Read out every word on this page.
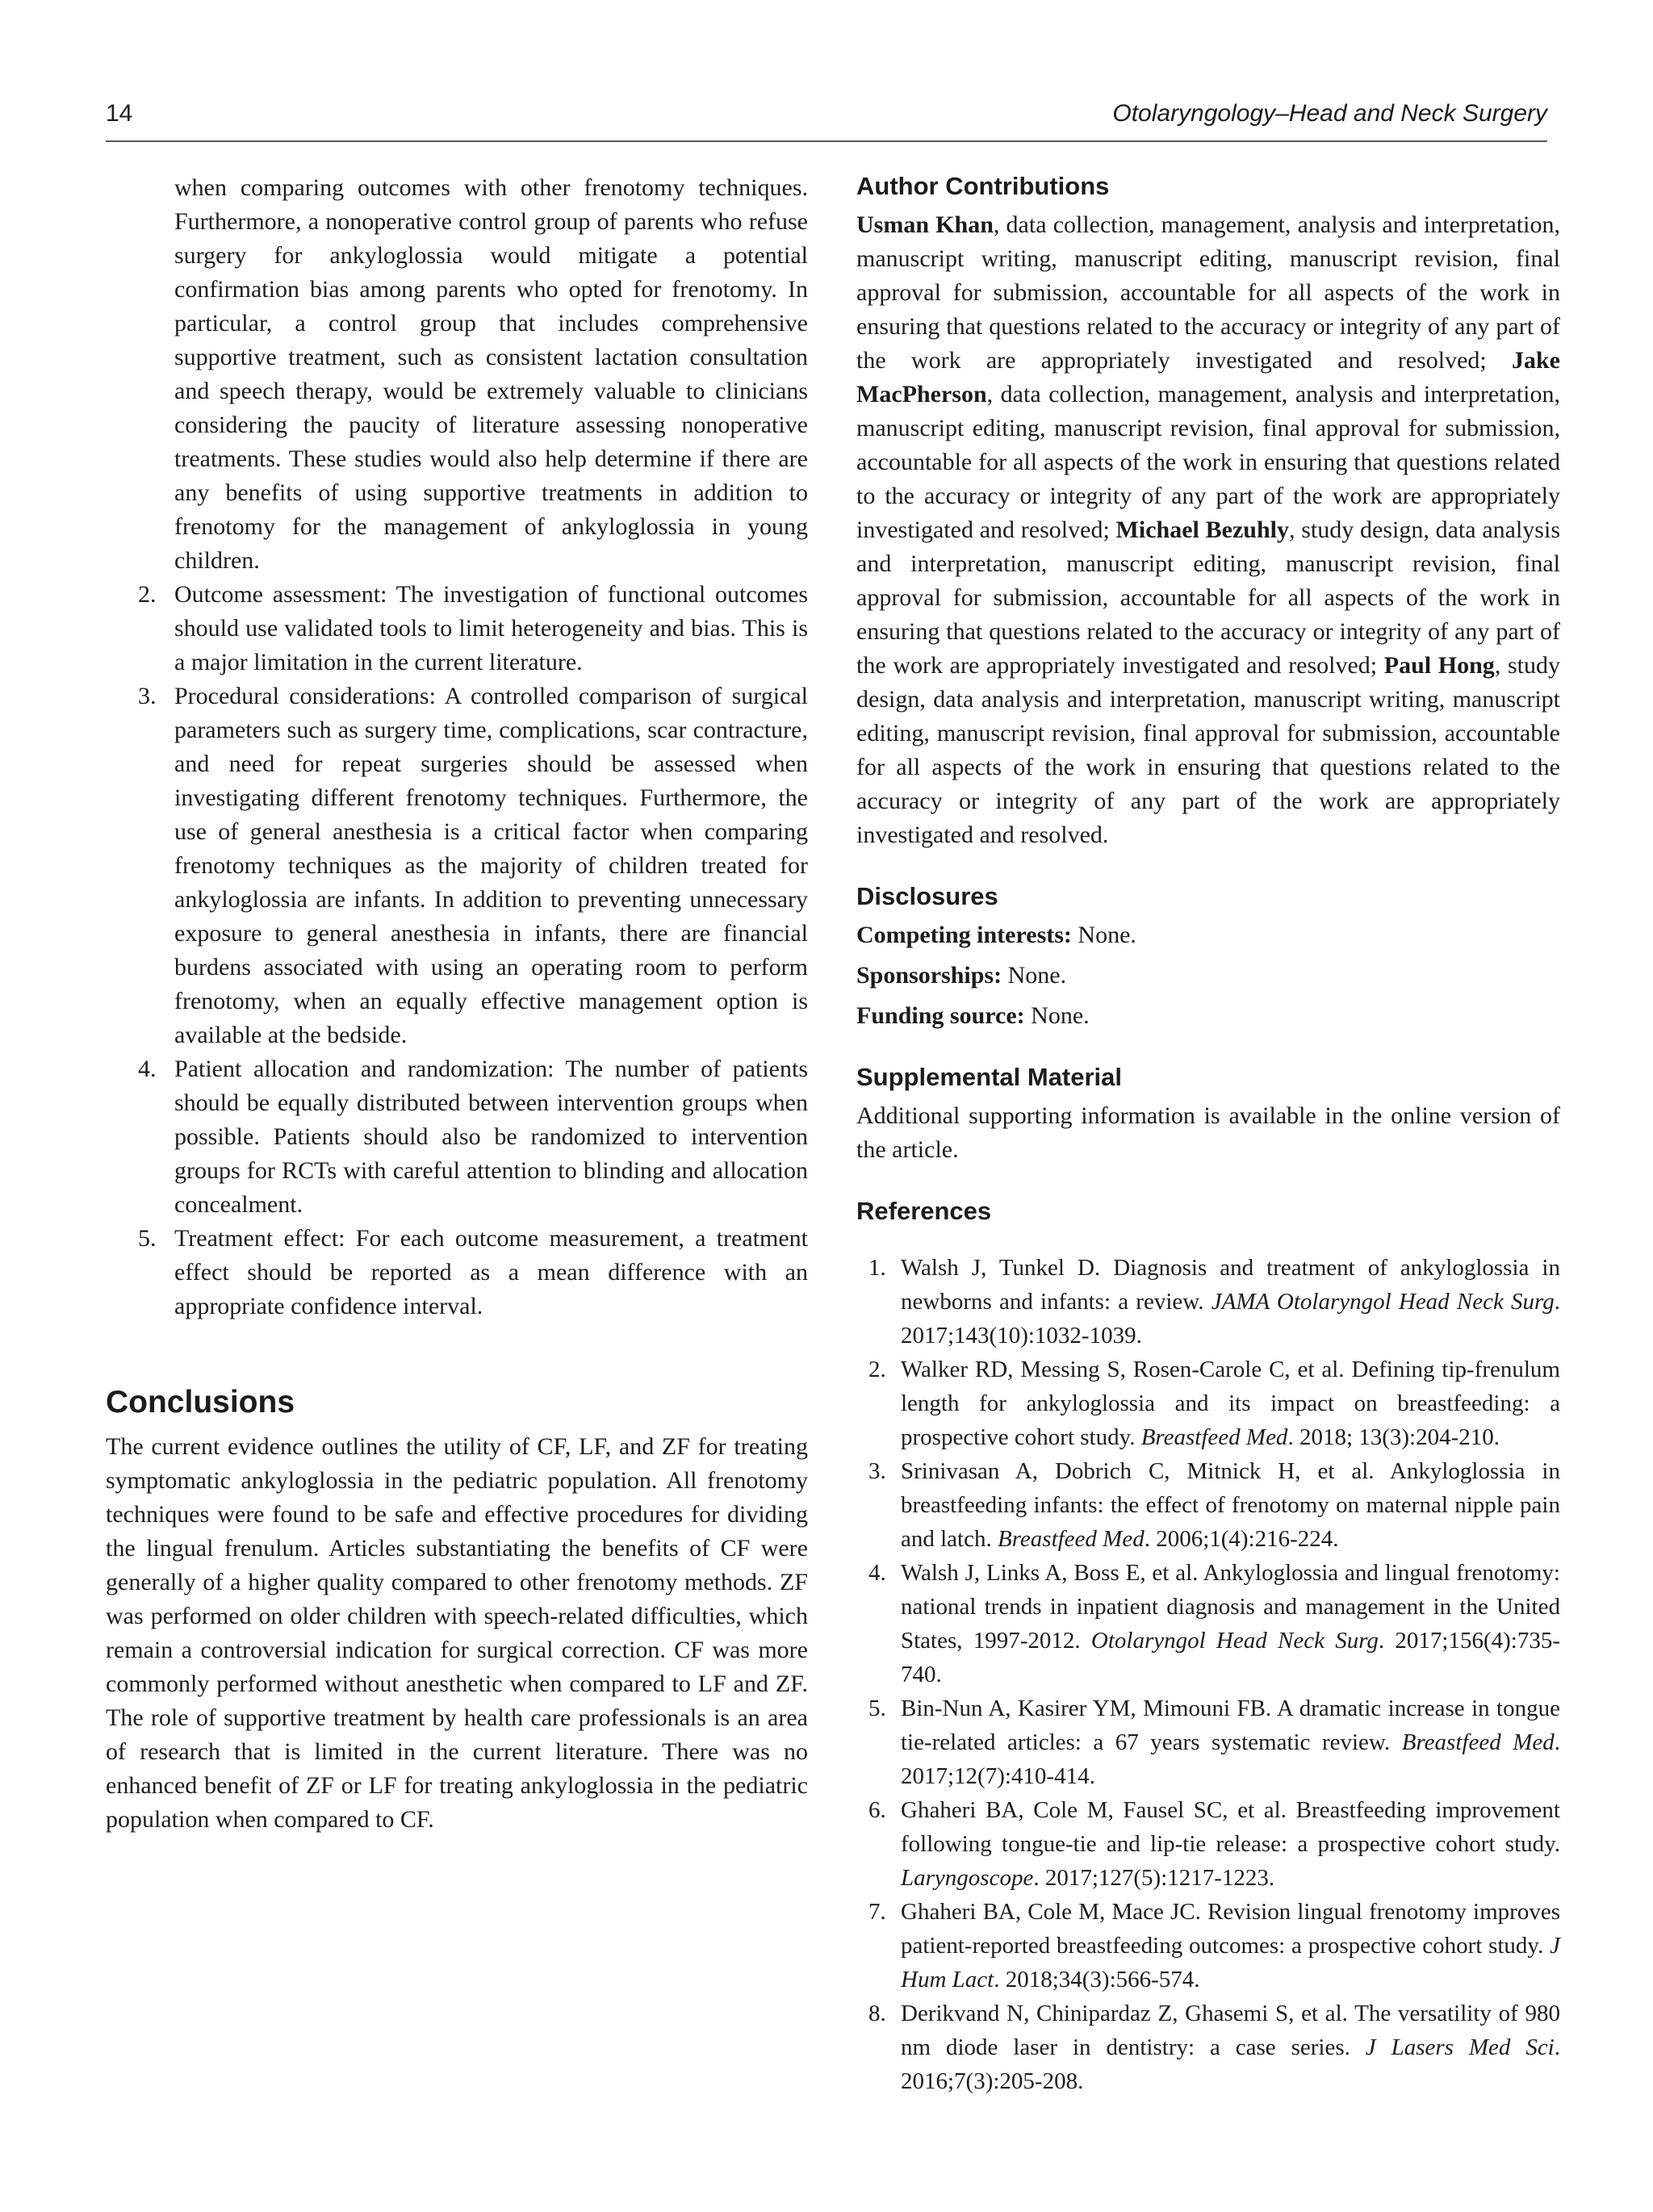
14	Otolaryngology–Head and Neck Surgery

when comparing outcomes with other frenotomy techniques. Furthermore, a nonoperative control group of parents who refuse surgery for ankyloglossia would mitigate a potential confirmation bias among parents who opted for frenotomy. In particular, a control group that includes comprehensive supportive treatment, such as consistent lactation consultation and speech therapy, would be extremely valuable to clinicians considering the paucity of literature assessing nonoperative treatments. These studies would also help determine if there are any benefits of using supportive treatments in addition to frenotomy for the management of ankyloglossia in young children.

2. Outcome assessment: The investigation of functional outcomes should use validated tools to limit heterogeneity and bias. This is a major limitation in the current literature.
3. Procedural considerations: A controlled comparison of surgical parameters such as surgery time, complications, scar contracture, and need for repeat surgeries should be assessed when investigating different frenotomy techniques. Furthermore, the use of general anesthesia is a critical factor when comparing frenotomy techniques as the majority of children treated for ankyloglossia are infants. In addition to preventing unnecessary exposure to general anesthesia in infants, there are financial burdens associated with using an operating room to perform frenotomy, when an equally effective management option is available at the bedside.
4. Patient allocation and randomization: The number of patients should be equally distributed between intervention groups when possible. Patients should also be randomized to intervention groups for RCTs with careful attention to blinding and allocation concealment.
5. Treatment effect: For each outcome measurement, a treatment effect should be reported as a mean difference with an appropriate confidence interval.
Conclusions

The current evidence outlines the utility of CF, LF, and ZF for treating symptomatic ankyloglossia in the pediatric population. All frenotomy techniques were found to be safe and effective procedures for dividing the lingual frenulum. Articles substantiating the benefits of CF were generally of a higher quality compared to other frenotomy methods. ZF was performed on older children with speech-related difficulties, which remain a controversial indication for surgical correction. CF was more commonly performed without anesthetic when compared to LF and ZF. The role of supportive treatment by health care professionals is an area of research that is limited in the current literature. There was no enhanced benefit of ZF or LF for treating ankyloglossia in the pediatric population when compared to CF.

Author Contributions

Usman Khan, data collection, management, analysis and interpretation, manuscript writing, manuscript editing, manuscript revision, final approval for submission, accountable for all aspects of the work in ensuring that questions related to the accuracy or integrity of any part of the work are appropriately investigated and resolved; Jake MacPherson, data collection, management, analysis and interpretation, manuscript editing, manuscript revision, final approval for submission, accountable for all aspects of the work in ensuring that questions related to the accuracy or integrity of any part of the work are appropriately investigated and resolved; Michael Bezuhly, study design, data analysis and interpretation, manuscript editing, manuscript revision, final approval for submission, accountable for all aspects of the work in ensuring that questions related to the accuracy or integrity of any part of the work are appropriately investigated and resolved; Paul Hong, study design, data analysis and interpretation, manuscript writing, manuscript editing, manuscript revision, final approval for submission, accountable for all aspects of the work in ensuring that questions related to the accuracy or integrity of any part of the work are appropriately investigated and resolved.

Disclosures

Competing interests: None.

Sponsorships: None.

Funding source: None.

Supplemental Material

Additional supporting information is available in the online version of the article.

References
1. Walsh J, Tunkel D. Diagnosis and treatment of ankyloglossia in newborns and infants: a review. JAMA Otolaryngol Head Neck Surg. 2017;143(10):1032-1039.
2. Walker RD, Messing S, Rosen-Carole C, et al. Defining tip-frenulum length for ankyloglossia and its impact on breastfeeding: a prospective cohort study. Breastfeed Med. 2018; 13(3):204-210.
3. Srinivasan A, Dobrich C, Mitnick H, et al. Ankyloglossia in breastfeeding infants: the effect of frenotomy on maternal nipple pain and latch. Breastfeed Med. 2006;1(4):216-224.
4. Walsh J, Links A, Boss E, et al. Ankyloglossia and lingual frenotomy: national trends in inpatient diagnosis and management in the United States, 1997-2012. Otolaryngol Head Neck Surg. 2017;156(4):735-740.
5. Bin-Nun A, Kasirer YM, Mimouni FB. A dramatic increase in tongue tie-related articles: a 67 years systematic review. Breastfeed Med. 2017;12(7):410-414.
6. Ghaheri BA, Cole M, Fausel SC, et al. Breastfeeding improvement following tongue-tie and lip-tie release: a prospective cohort study. Laryngoscope. 2017;127(5):1217-1223.
7. Ghaheri BA, Cole M, Mace JC. Revision lingual frenotomy improves patient-reported breastfeeding outcomes: a prospective cohort study. J Hum Lact. 2018;34(3):566-574.
8. Derikvand N, Chinipardaz Z, Ghasemi S, et al. The versatility of 980 nm diode laser in dentistry: a case series. J Lasers Med Sci. 2016;7(3):205-208.
